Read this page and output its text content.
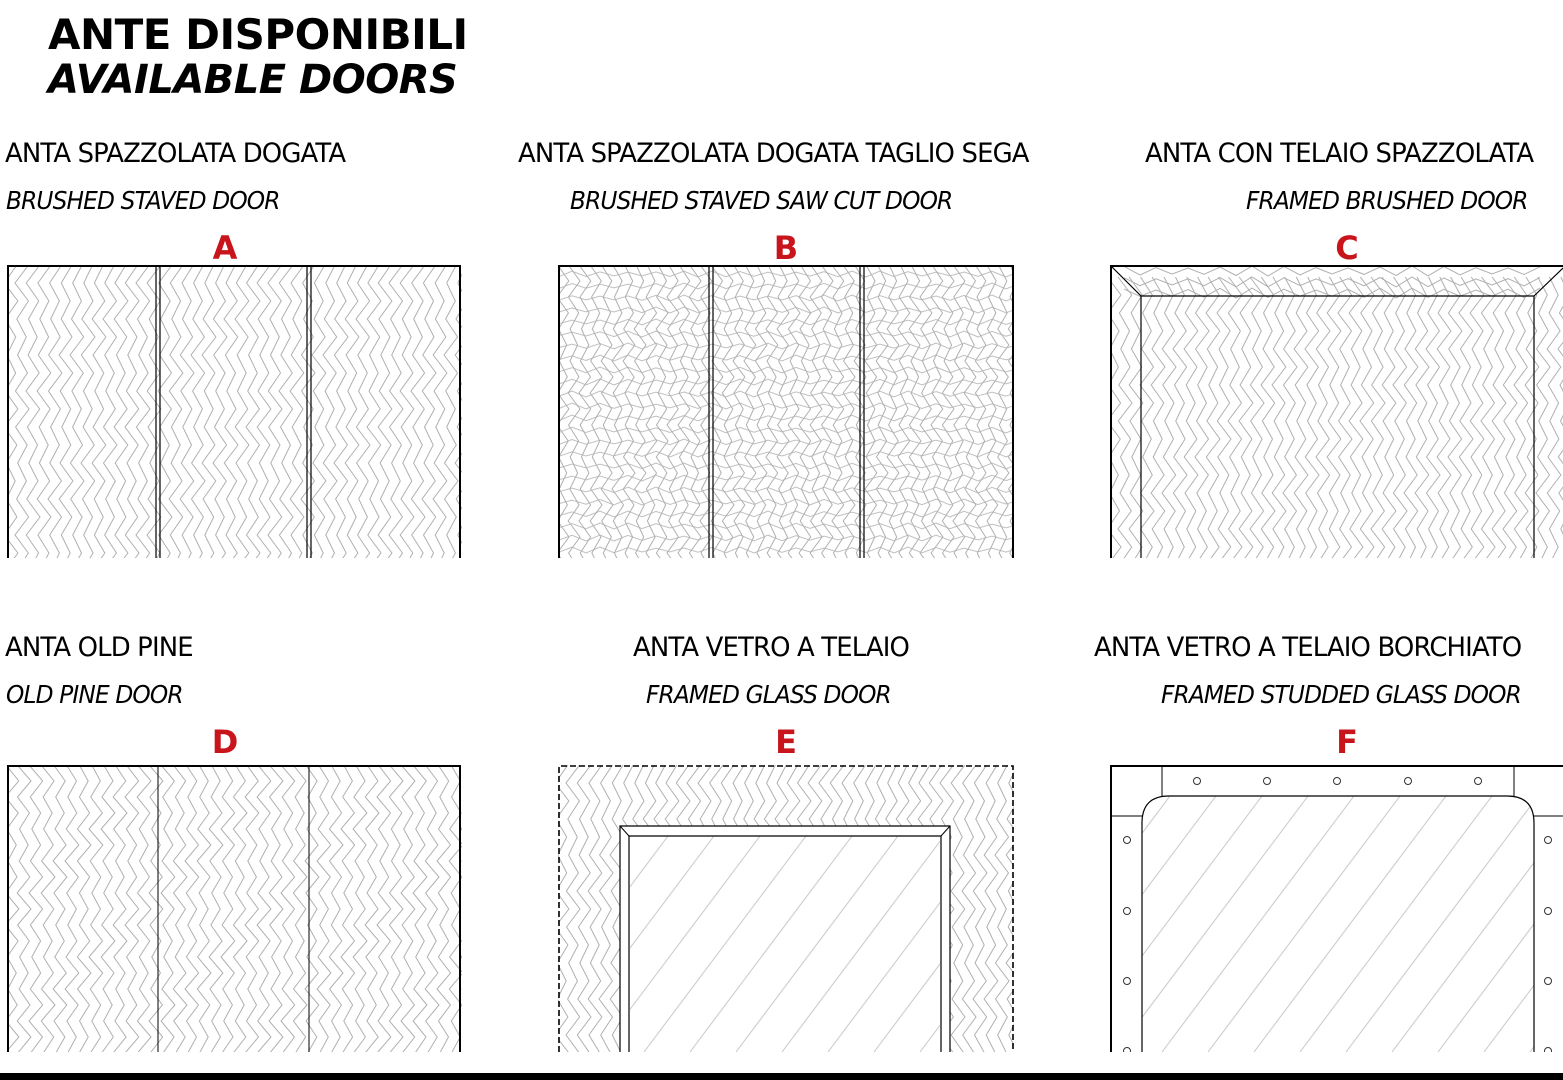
ANTE DISPONIBILI
AVAILABLE DOORS
ANTA SPAZZOLATA DOGATA
BRUSHED STAVED DOOR
A
ANTA SPAZZOLATA DOGATA TAGLIO SEGA
BRUSHED STAVED SAW CUT DOOR
B
ANTA CON TELAIO SPAZZOLATA
FRAMED BRUSHED DOOR
C
ANTA OLD PINE
OLD PINE DOOR
D
ANTA VETRO A TELAIO
FRAMED GLASS DOOR
E
ANTA VETRO A TELAIO BORCHIATO
FRAMED STUDDED GLASS DOOR
F
